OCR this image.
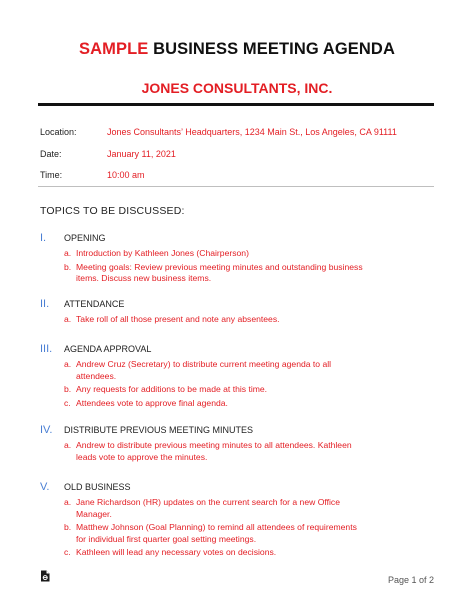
SAMPLE BUSINESS MEETING AGENDA
JONES CONSULTANTS, INC.
Location:	Jones Consultants’ Headquarters, 1234 Main St., Los Angeles, CA 91111
Date:	January 11, 2021
Time:	10:00 am
TOPICS TO BE DISCUSSED:
I. OPENING
a. Introduction by Kathleen Jones (Chairperson)
b. Meeting goals: Review previous meeting minutes and outstanding business items. Discuss new business items.
II. ATTENDANCE
a. Take roll of all those present and note any absentees.
III. AGENDA APPROVAL
a. Andrew Cruz (Secretary) to distribute current meeting agenda to all attendees.
b. Any requests for additions to be made at this time.
c. Attendees vote to approve final agenda.
IV. DISTRIBUTE PREVIOUS MEETING MINUTES
a. Andrew to distribute previous meeting minutes to all attendees. Kathleen leads vote to approve the minutes.
V. OLD BUSINESS
a. Jane Richardson (HR) updates on the current search for a new Office Manager.
b. Matthew Johnson (Goal Planning) to remind all attendees of requirements for individual first quarter goal setting meetings.
c. Kathleen will lead any necessary votes on decisions.
Page 1 of 2
